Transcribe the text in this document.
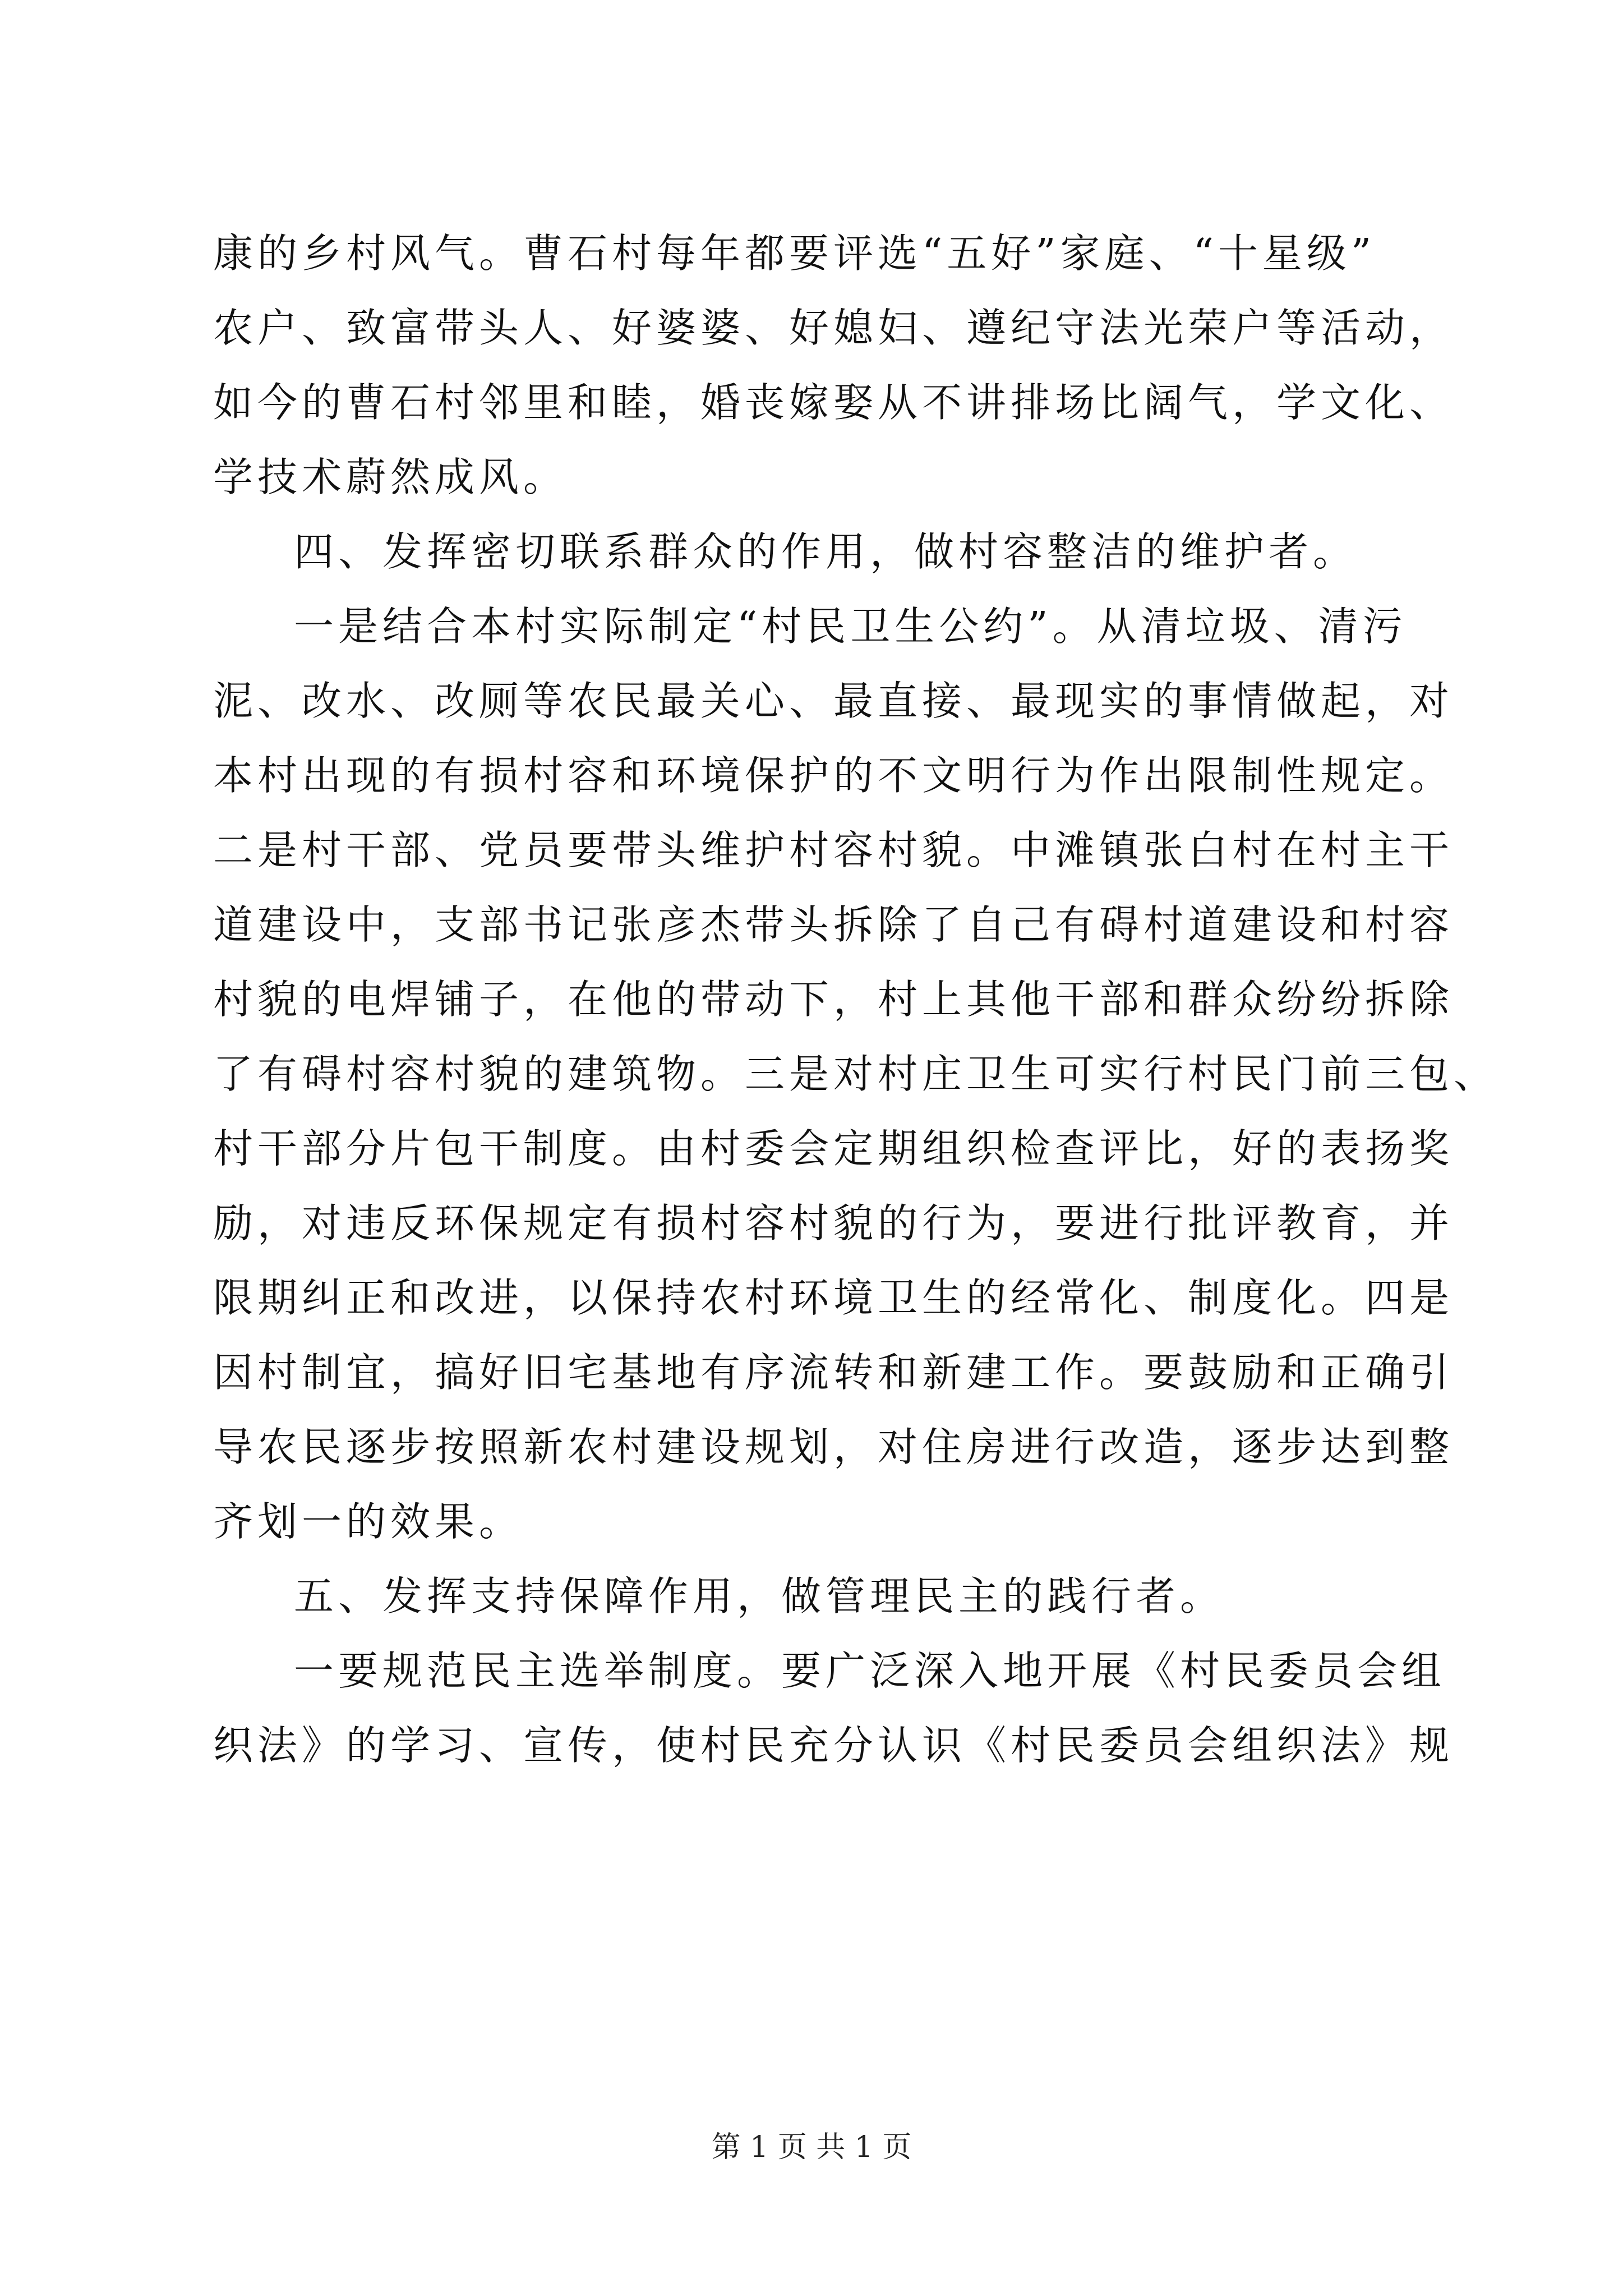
康的乡村风气。曹石村每年都要评选“五好”家庭、“十星级”
农户、致富带头人、好婆婆、好媳妇、遵纪守法光荣户等活动，
如今的曹石村邻里和睦，婚丧嫁娶从不讲排场比阔气，学文化、
学技术蔚然成风。
四、发挥密切联系群众的作用，做村容整洁的维护者。
一是结合本村实际制定“村民卫生公约”。从清垃圾、清污
泥、改水、改厕等农民最关心、最直接、最现实的事情做起，对
本村出现的有损村容和环境保护的不文明行为作出限制性规定。
二是村干部、党员要带头维护村容村貌。中滩镇张白村在村主干
道建设中，支部书记张彦杰带头拆除了自己有碍村道建设和村容
村貌的电焊铺子，在他的带动下，村上其他干部和群众纷纷拆除
了有碍村容村貌的建筑物。三是对村庄卫生可实行村民门前三包、
村干部分片包干制度。由村委会定期组织检查评比，好的表扬奖
励，对违反环保规定有损村容村貌的行为，要进行批评教育，并
限期纠正和改进，以保持农村环境卫生的经常化、制度化。四是
因村制宜，搞好旧宅基地有序流转和新建工作。要鼓励和正确引
导农民逐步按照新农村建设规划，对住房进行改造，逐步达到整
齐划一的效果。
五、发挥支持保障作用，做管理民主的践行者。
一要规范民主选举制度。要广泛深入地开展《村民委员会组
织法》的学习、宣传，使村民充分认识《村民委员会组织法》规
第 1 页 共 1 页
